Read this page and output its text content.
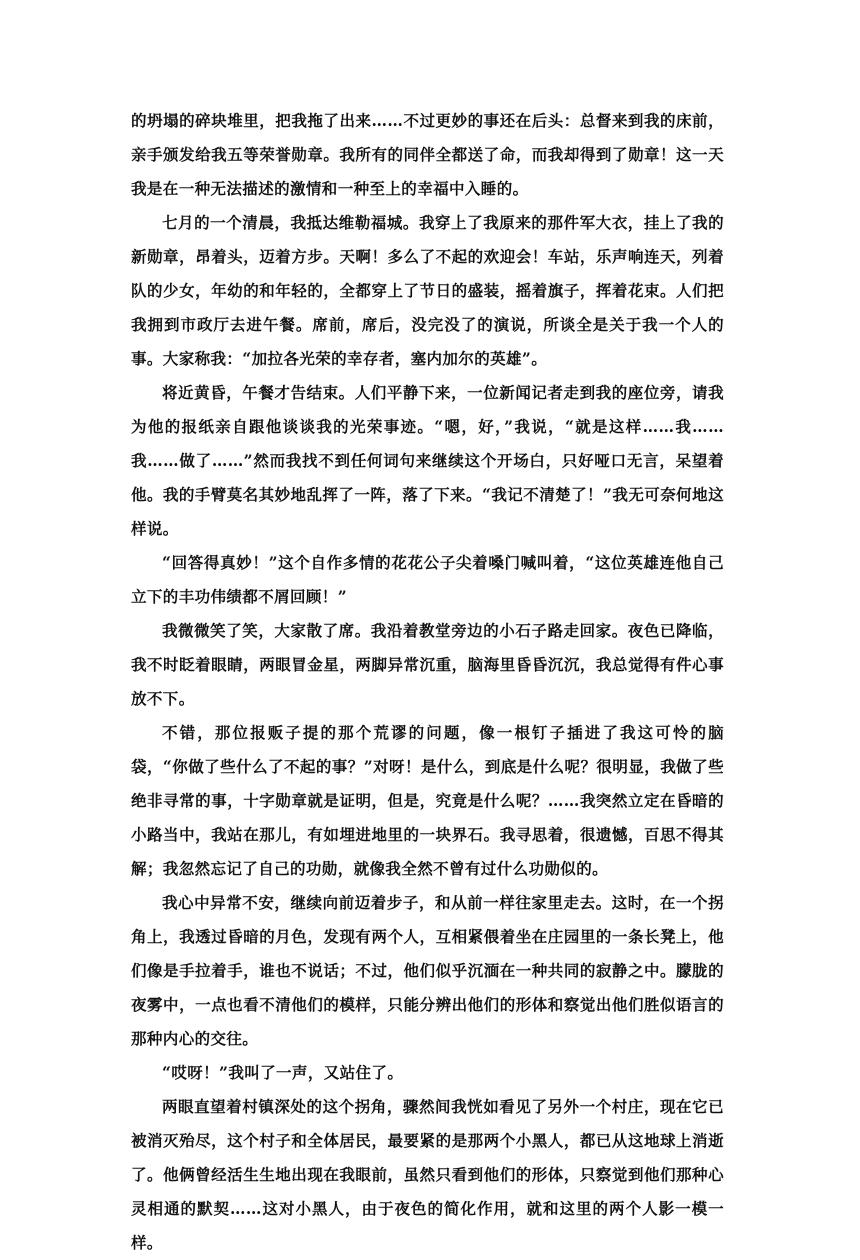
的坍塌的碎块堆里，把我拖了出来……不过更妙的事还在后头：总督来到我的床前，亲手颁发给我五等荣誉勋章。我所有的同伴全都送了命，而我却得到了勋章！这一天我是在一种无法描述的激情和一种至上的幸福中入睡的。

七月的一个清晨，我抵达维勒福城。我穿上了我原来的那件军大衣，挂上了我的新勋章，昂着头，迈着方步。天啊！多么了不起的欢迎会！车站，乐声响连天，列着队的少女，年幼的和年轻的，全都穿上了节日的盛装，摇着旗子，挥着花束。人们把我拥到市政厅去进午餐。席前，席后，没完没了的演说，所谈全是关于我一个人的事。大家称我：“加拉各光荣的幸存者，塞内加尔的英雄”。

将近黄昏，午餐才告结束。人们平静下来，一位新闻记者走到我的座位旁，请我为他的报纸亲自跟他谈谈我的光荣事迹。“嗯，好，”我说，“就是这样……我……我……做了……”然而我找不到任何词句来继续这个开场白，只好哑口无言，呆望着他。我的手臂莫名其妙地乱挥了一阵，落了下来。“我记不清楚了！”我无可奈何地这样说。

“回答得真妙！”这个自作多情的花花公子尖着嗓门喊叫着，“这位英雄连他自己立下的丰功伟绩都不屑回顾！”

我微微笑了笑，大家散了席。我沿着教堂旁边的小石子路走回家。夜色已降临，我不时眨着眼睛，两眼冒金星，两脚异常沉重，脑海里昏昏沉沉，我总觉得有件心事放不下。

不错，那位报贩子提的那个荒谬的问题，像一根钉子插进了我这可怜的脑袋，“你做了些什么了不起的事？”对呀！是什么，到底是什么呢？很明显，我做了些绝非寻常的事，十字勋章就是证明，但是，究竟是什么呢？……我突然立定在昏暗的小路当中，我站在那儿，有如埋进地里的一块界石。我寻思着，很遗憾，百思不得其解；我忽然忘记了自己的功勋，就像我全然不曾有过什么功勋似的。

我心中异常不安，继续向前迈着步子，和从前一样往家里走去。这时，在一个拐角上，我透过昏暗的月色，发现有两个人，互相紧偎着坐在庄园里的一条长凳上，他们像是手拉着手，谁也不说话；不过，他们似乎沉湎在一种共同的寂静之中。朦胧的夜雾中，一点也看不清他们的模样，只能分辨出他们的形体和察觉出他们胜似语言的那种内心的交往。

“哎呀！”我叫了一声，又站住了。

两眼直望着村镇深处的这个拐角，骤然间我恍如看见了另外一个村庄，现在它已被消灭殆尽，这个村子和全体居民，最要紧的是那两个小黑人，都已从这地球上消逝了。他俩曾经活生生地出现在我眼前，虽然只看到他们的形体，只察觉到他们那种心灵相通的默契……这对小黑人，由于夜色的简化作用，就和这里的两个人影一模一样。
